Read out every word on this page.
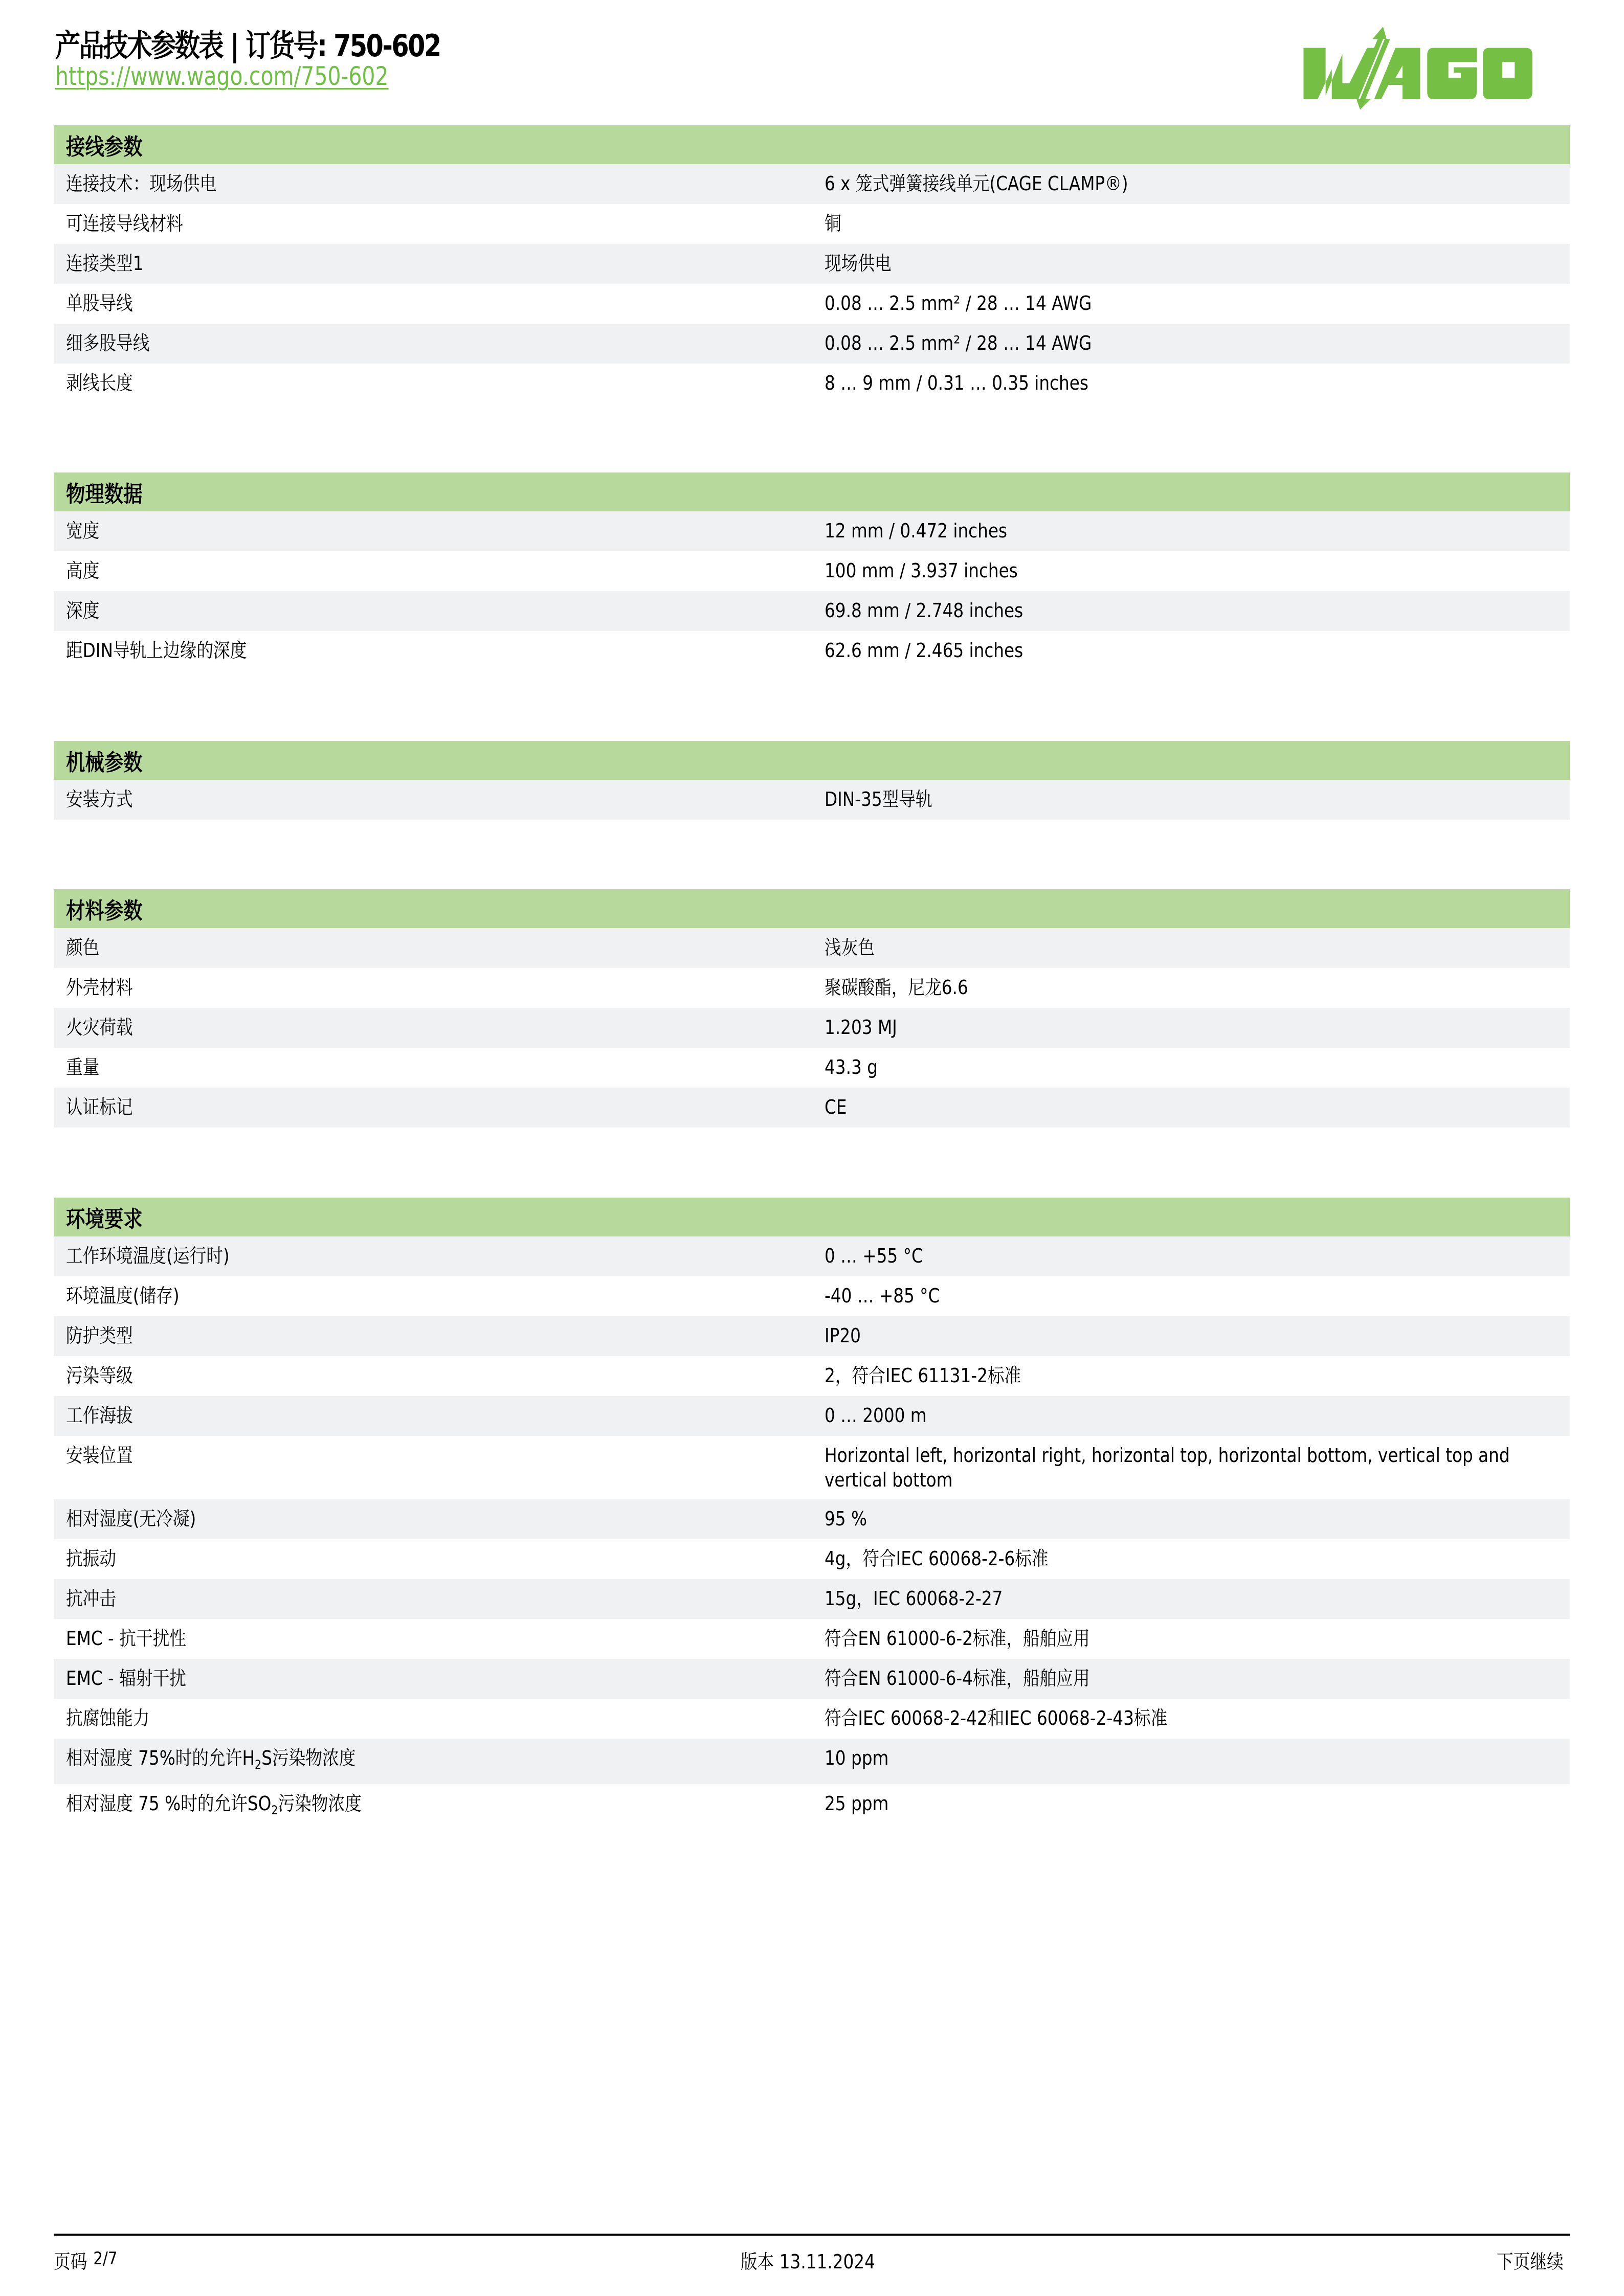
产品技术参数表 | 订货号: 750-602
https://www.wago.com/750-602
接线参数
连接技术：现场供电	6 x 笼式弹簧接线单元(CAGE CLAMP®)
可连接导线材料	铜
连接类型1	现场供电
单股导线	0.08 … 2.5 mm² / 28 … 14 AWG
细多股导线	0.08 … 2.5 mm² / 28 … 14 AWG
剥线长度	8 … 9 mm / 0.31 … 0.35 inches
物理数据
宽度	12 mm / 0.472 inches
高度	100 mm / 3.937 inches
深度	69.8 mm / 2.748 inches
距DIN导轨上边缘的深度	62.6 mm / 2.465 inches
机械参数
安装方式	DIN-35型导轨
材料参数
颜色	浅灰色
外壳材料	聚碳酸酯，尼龙6.6
火灾荷载	1.203 MJ
重量	43.3 g
认证标记	CE
环境要求
工作环境温度(运行时)	0 … +55 °C
环境温度(储存)	-40 … +85 °C
防护类型	IP20
污染等级	2，符合IEC 61131-2标准
工作海拔	0 … 2000 m
安装位置	Horizontal left, horizontal right, horizontal top, horizontal bottom, vertical top and vertical bottom
相对湿度(无冷凝)	95 %
抗振动	4g，符合IEC 60068-2-6标准
抗冲击	15g，IEC 60068-2-27
EMC - 抗干扰性	符合EN 61000-6-2标准，船舶应用
EMC - 辐射干扰	符合EN 61000-6-4标准，船舶应用
抗腐蚀能力	符合IEC 60068-2-42和IEC 60068-2-43标准
相对湿度 75%时的允许$H_2S$污染物浓度	10 ppm
相对湿度 75 %时的允许$SO_2$污染物浓度	25 ppm
页码 2/7	版本 13.11.2024	下页继续
